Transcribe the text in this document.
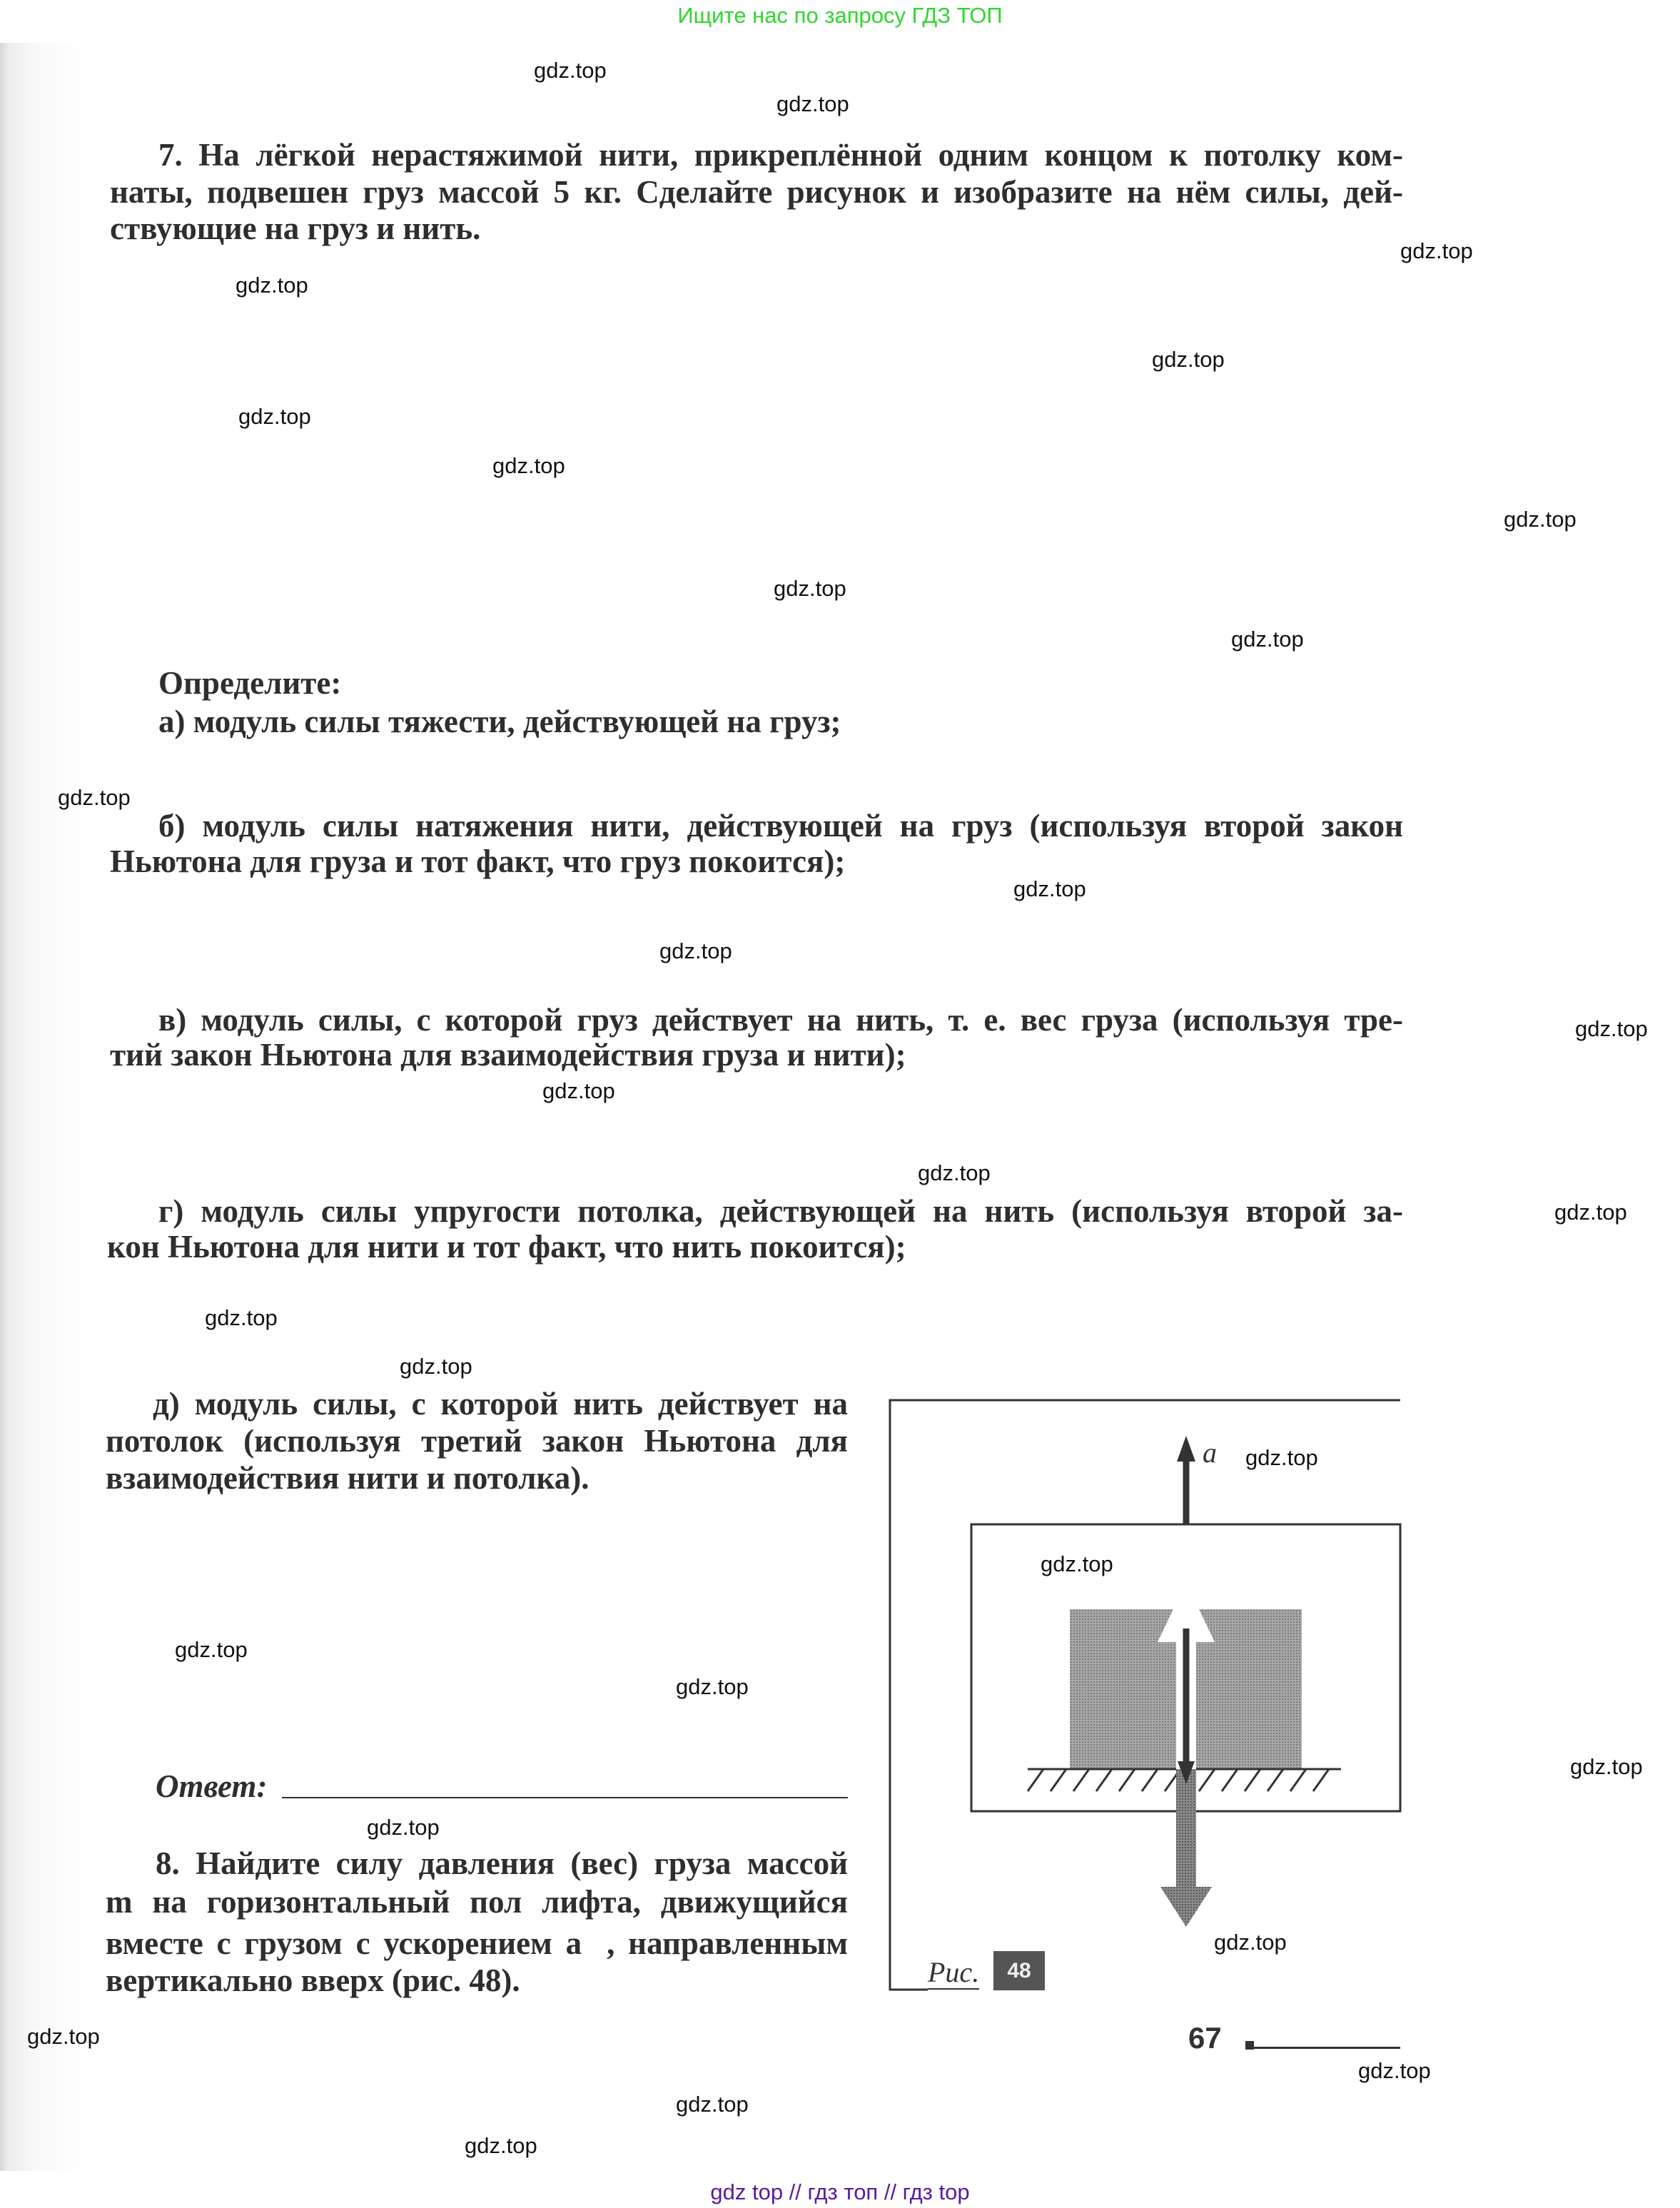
Ищите нас по запросу ГДЗ ТОП
7. На лёгкой нерастяжимой нити, прикреплённой одним концом к потолку ком-
наты, подвешен груз массой 5 кг. Сделайте рисунок и изобразите на нём силы, дей-
ствующие на груз и нить.
Определите:
а) модуль силы тяжести, действующей на груз;
б) модуль силы натяжения нити, действующей на груз (используя второй закон
Ньютона для груза и тот факт, что груз покоится);
в) модуль силы, с которой груз действует на нить, т. е. вес груза (используя тре-
тий закон Ньютона для взаимодействия груза и нити);
г) модуль силы упругости потолка, действующей на нить (используя второй за-
кон Ньютона для нити и тот факт, что нить покоится);
д) модуль силы, с которой нить действует на
потолок (используя третий закон Ньютона для
взаимодействия нити и потолка).
Ответ:
8. Найдите силу давления (вес) груза массой
m на горизонтальный пол лифта, движущийся
вместе с грузом с ускорением a⃗, направленным
вертикально вверх (рис. 48).
a⃗
Рис.	48
67
gdz.top
gdz.top
gdz.top
gdz.top
gdz.top
gdz.top
gdz.top
gdz.top
gdz.top
gdz.top
gdz.top
gdz.top
gdz.top
gdz.top
gdz.top
gdz.top
gdz.top
gdz.top
gdz.top
gdz.top
gdz.top
gdz.top
gdz.top
gdz.top
gdz.top
gdz.top
gdz.top
gdz.top
gdz.top
gdz.top
gdz top // гдз топ // гдз top
